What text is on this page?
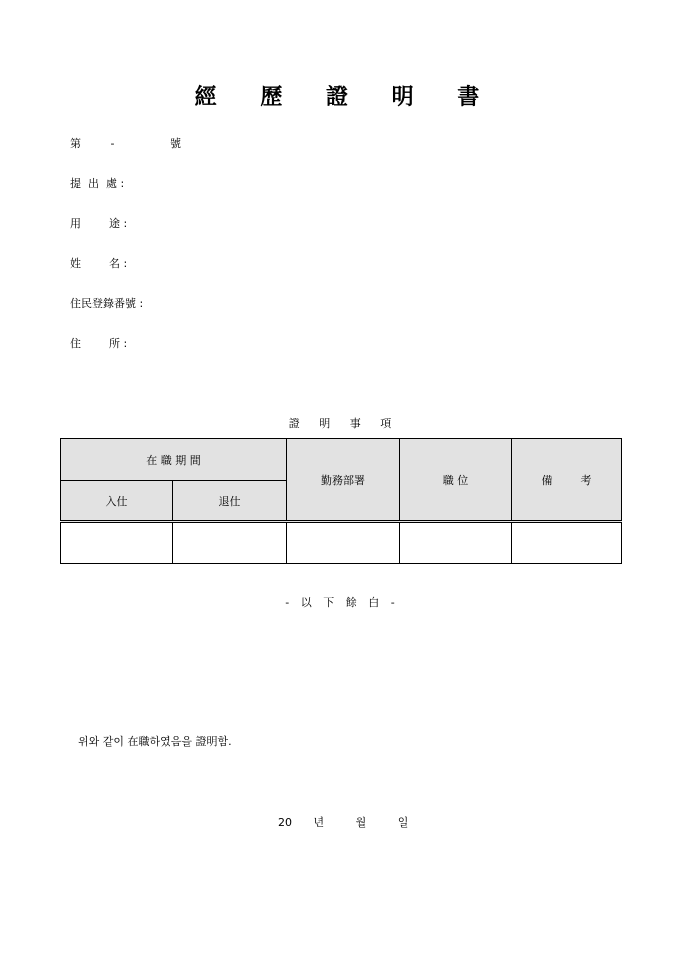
經 歷 證 明 書
第	-	號
提  出  處 :
用        途 :
姓        名 :
住民登錄番號 :
住        所 :
證 明 事 項
在 職 期 間		勤務部署	職 位	備        考
入仕	退仕			

- 以 下 餘 白 -
위와 같이 在職하였음을 證明함.
20 년	월	일
